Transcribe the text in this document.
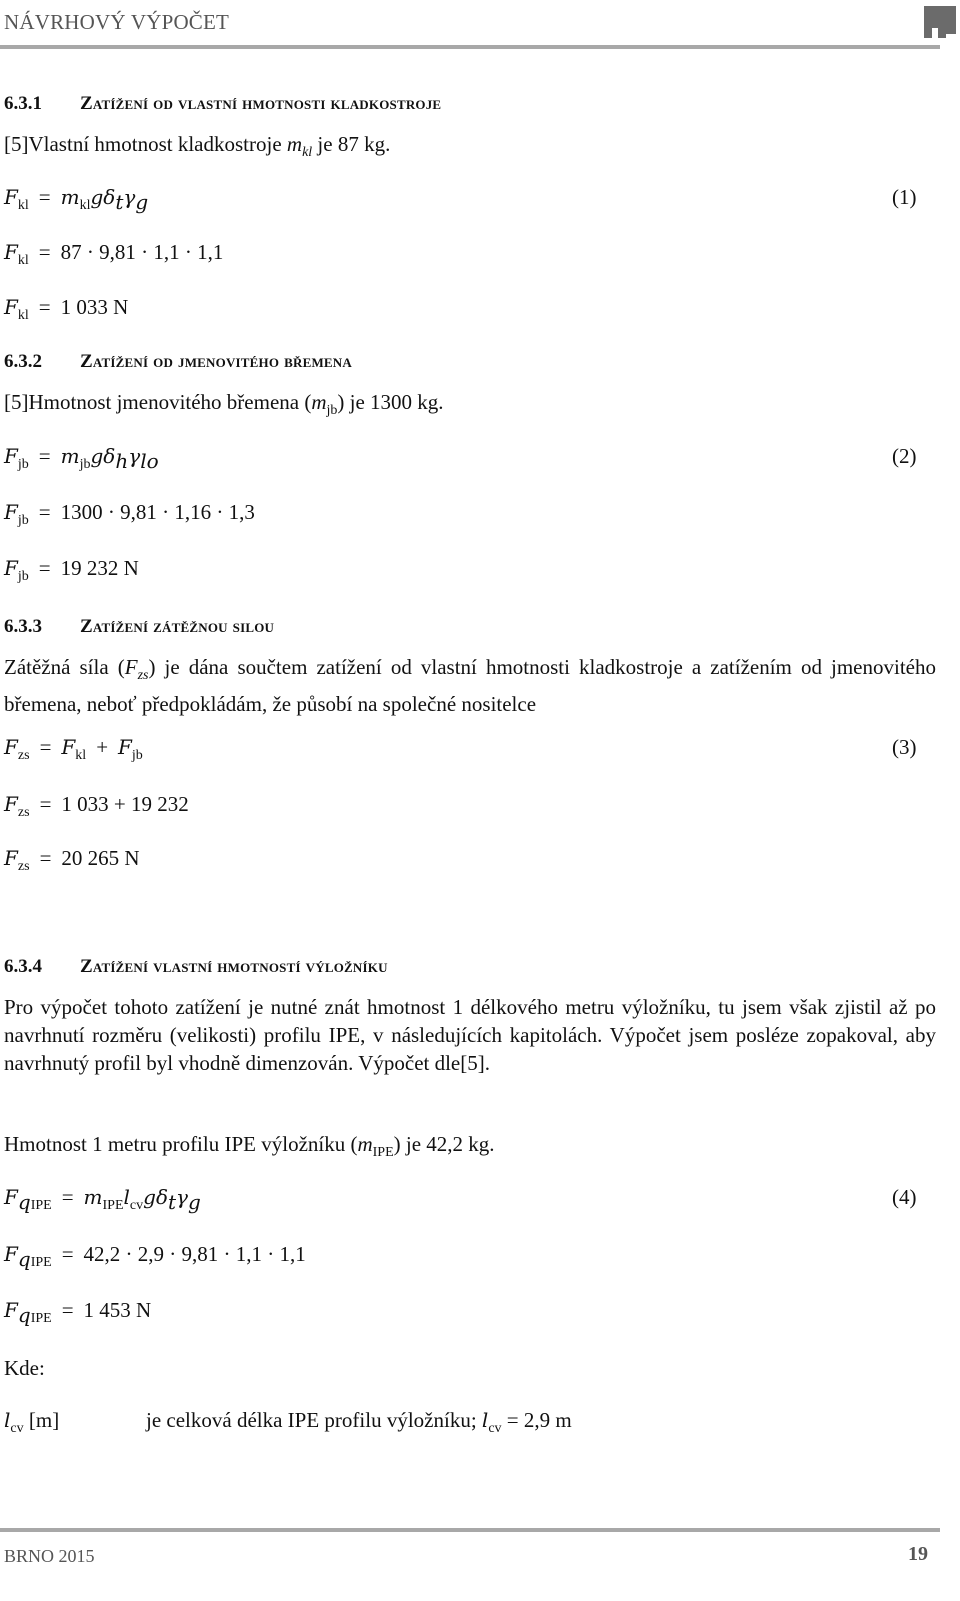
NÁVRHOVÝ VÝPOČET
6.3.1 Zatížení od vlastní hmotnosti kladkostroje
[5]Vlastní hmotnost kladkostroje $m_{kl}$ je 87 kg.
$F_{kl} = m_{kl}g\delta_t\gamma_g$	(1)
$F_{kl} = 87 \cdot 9,81 \cdot 1,1 \cdot 1,1$
$F_{kl} = 1$ 033 N
6.3.2 Zatížení od jmenovitého břemena
[5]Hmotnost jmenovitého břemena $(m_{jb})$ je 1300 kg.
$F_{jb} = m_{jb}g\delta_h\gamma_{lo}$	(2)
$F_{jb} = 1300 \cdot 9,81 \cdot 1,16 \cdot 1,3$
$F_{jb} = 19$ 232 N
6.3.3 Zatížení zátěžnou silou
Zátěžná síla $(F_{zs})$ je dána součtem zatížení od vlastní hmotnosti kladkostroje a zatížením od jmenovitého břemena, neboť předpokládám, že působí na společné nositelce
$F_{zs} = F_{kl} + F_{jb}$	(3)
$F_{zs} = 1$ 033 + 19 232
$F_{zs} = 20$ 265 N
6.3.4 Zatížení vlastní hmotností výložníku
Pro výpočet tohoto zatížení je nutné znát hmotnost 1 délkového metru výložníku, tu jsem však zjistil až po navrhnutí rozměru (velikosti) profilu IPE, v následujících kapitolách. Výpočet jsem posléze zopakoval, aby navrhnutý profil byl vhodně dimenzován. Výpočet dle[5].
Hmotnost 1 metru profilu IPE výložníku $(m_{IPE})$ je 42,2 kg.
$F_{qIPE} = m_{IPE}l_{cv}g\delta_t\gamma_g$	(4)
$F_{qIPE} = 42,2 \cdot 2,9 \cdot 9,81 \cdot 1,1 \cdot 1,1$
$F_{qIPE} = 1$ 453 N
Kde:
$l_{cv}$ [m]	je celková délka IPE profilu výložníku; $l_{cv} = 2,9$ m
BRNO 2015	19
